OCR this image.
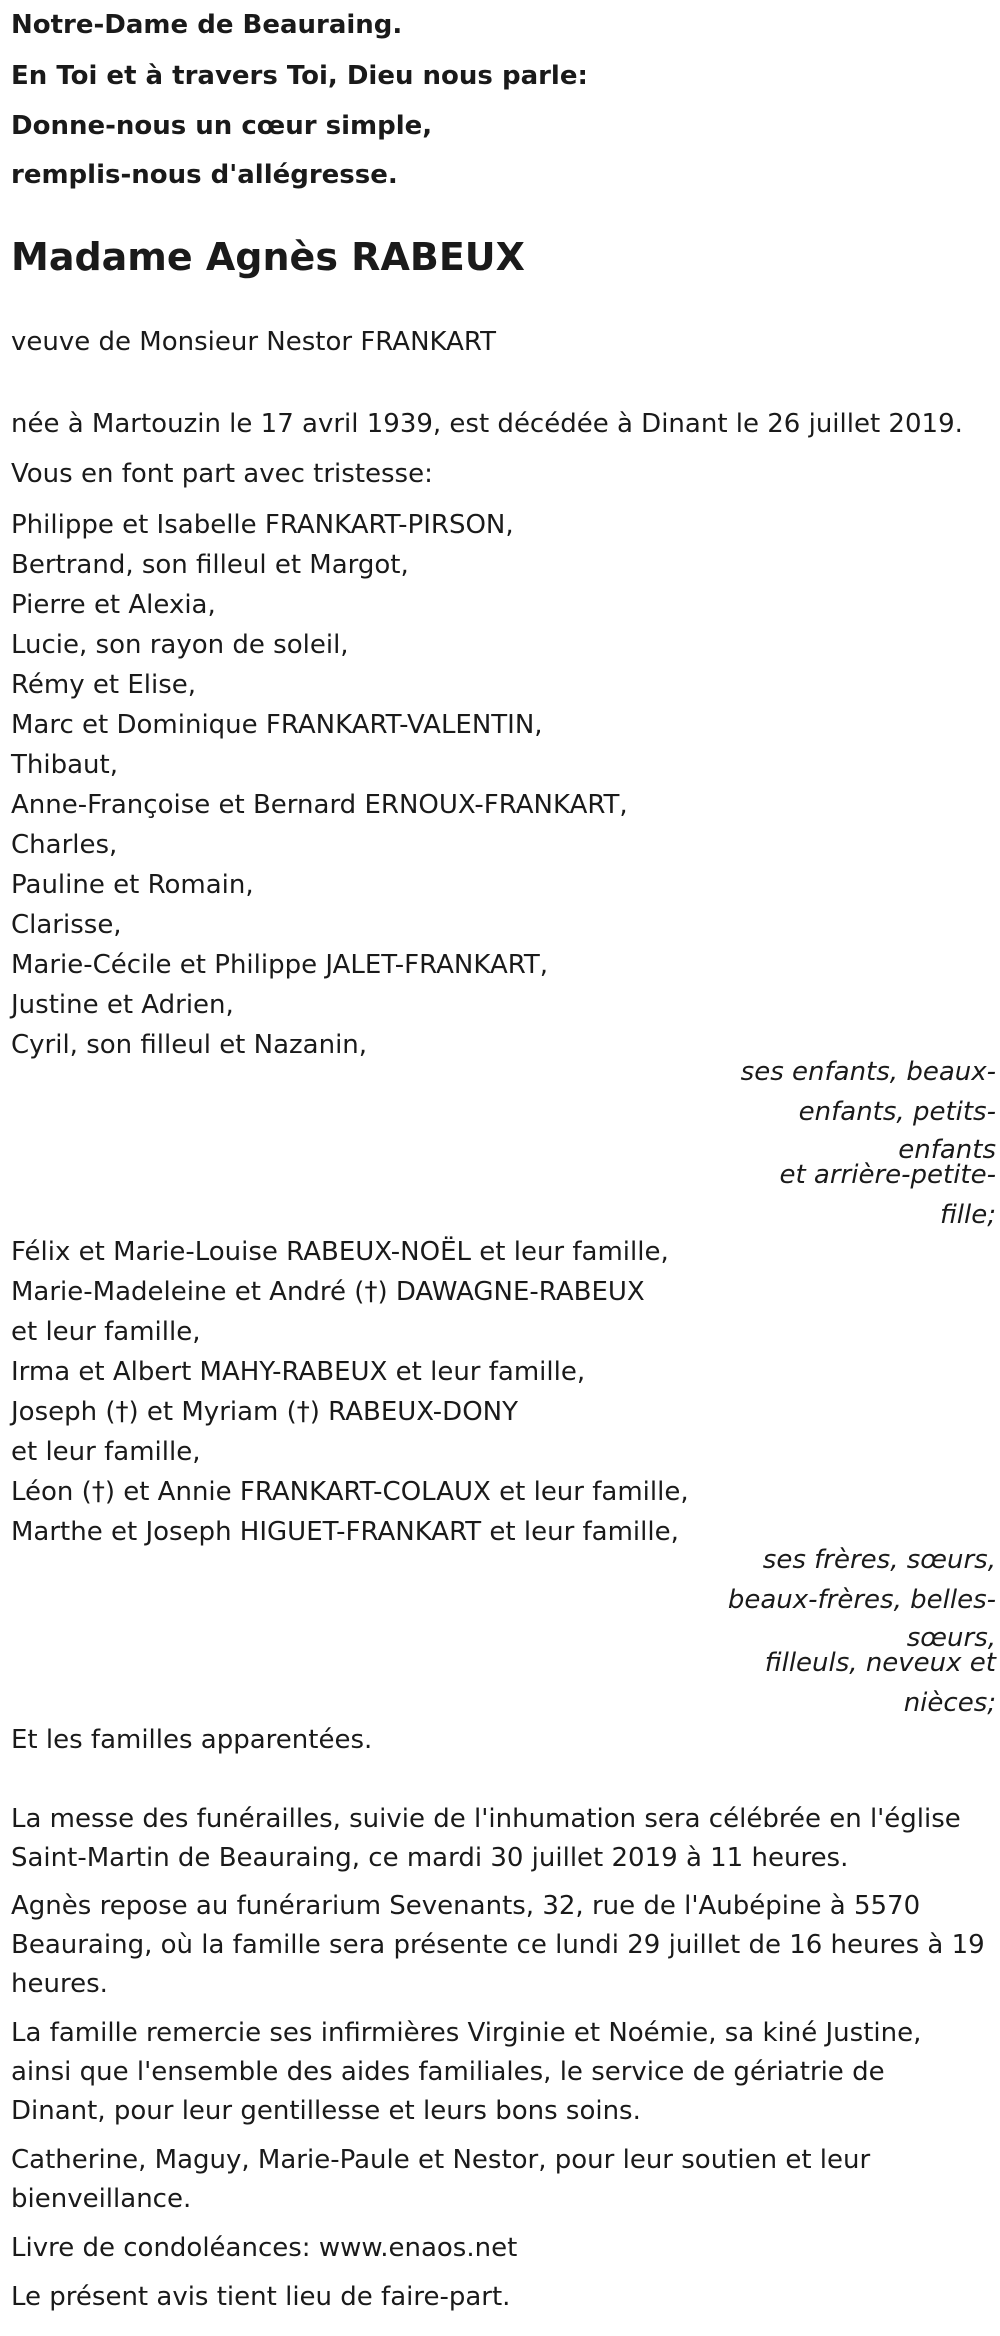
Notre-Dame de Beauraing.

En Toi et à travers Toi, Dieu nous parle:

Donne-nous un cœur simple,

remplis-nous d'allégresse.

Madame Agnès RABEUX

veuve de Monsieur Nestor FRANKART

née à Martouzin le 17 avril 1939, est décédée à Dinant le 26 juillet 2019.

Vous en font part avec tristesse:

Philippe et Isabelle FRANKART-PIRSON,

Bertrand, son filleul et Margot,

Pierre et Alexia,

Lucie, son rayon de soleil,

Rémy et Elise,

Marc et Dominique FRANKART-VALENTIN,

Thibaut,

Anne-Françoise et Bernard ERNOUX-FRANKART,

Charles,

Pauline et Romain,

Clarisse,

Marie-Cécile et Philippe JALET-FRANKART,

Justine et Adrien,

Cyril, son filleul et Nazanin,

ses enfants, beaux-

enfants, petits-

enfants

et arrière-petite-

fille;

Félix et Marie-Louise RABEUX-NOËL et leur famille,

Marie-Madeleine et André (†) DAWAGNE-RABEUX

et leur famille,

Irma et Albert MAHY-RABEUX et leur famille,

Joseph (†) et Myriam (†) RABEUX-DONY

et leur famille,

Léon (†) et Annie FRANKART-COLAUX et leur famille,

Marthe et Joseph HIGUET-FRANKART et leur famille,

ses frères, sœurs,

beaux-frères, belles-

sœurs,

filleuls, neveux et

nièces;

Et les familles apparentées.

La messe des funérailles, suivie de l'inhumation sera célébrée en l'église

Saint-Martin de Beauraing, ce mardi 30 juillet 2019 à 11 heures.

Agnès repose au funérarium Sevenants, 32, rue de l'Aubépine à 5570

Beauraing, où la famille sera présente ce lundi 29 juillet de 16 heures à 19

heures.

La famille remercie ses infirmières Virginie et Noémie, sa kiné Justine,

ainsi que l'ensemble des aides familiales, le service de gériatrie de

Dinant, pour leur gentillesse et leurs bons soins.

Catherine, Maguy, Marie-Paule et Nestor, pour leur soutien et leur

bienveillance.

Livre de condoléances: www.enaos.net

Le présent avis tient lieu de faire-part.
